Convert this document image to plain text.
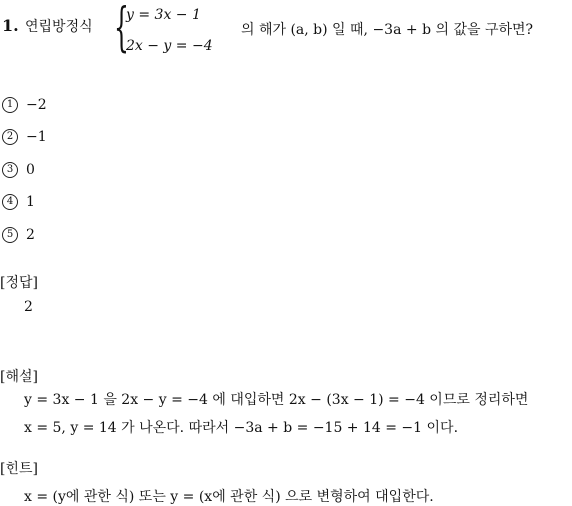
1. 연립방정식 {
y = 3x − 1
2x − y = −4
의 해가 (a, b) 일 때, −3a + b 의 값을 구하면?
1 −2
2 −1
3 0
4 1
5 2
[정답]
2
[해설]
y = 3x − 1 을 2x − y = −4 에 대입하면 2x − (3x − 1) = −4 이므로 정리하면
x = 5, y = 14 가 나온다. 따라서 −3a + b = −15 + 14 = −1 이다.
[힌트]
x = (y에 관한 식) 또는 y = (x에 관한 식) 으로 변형하여 대입한다.
